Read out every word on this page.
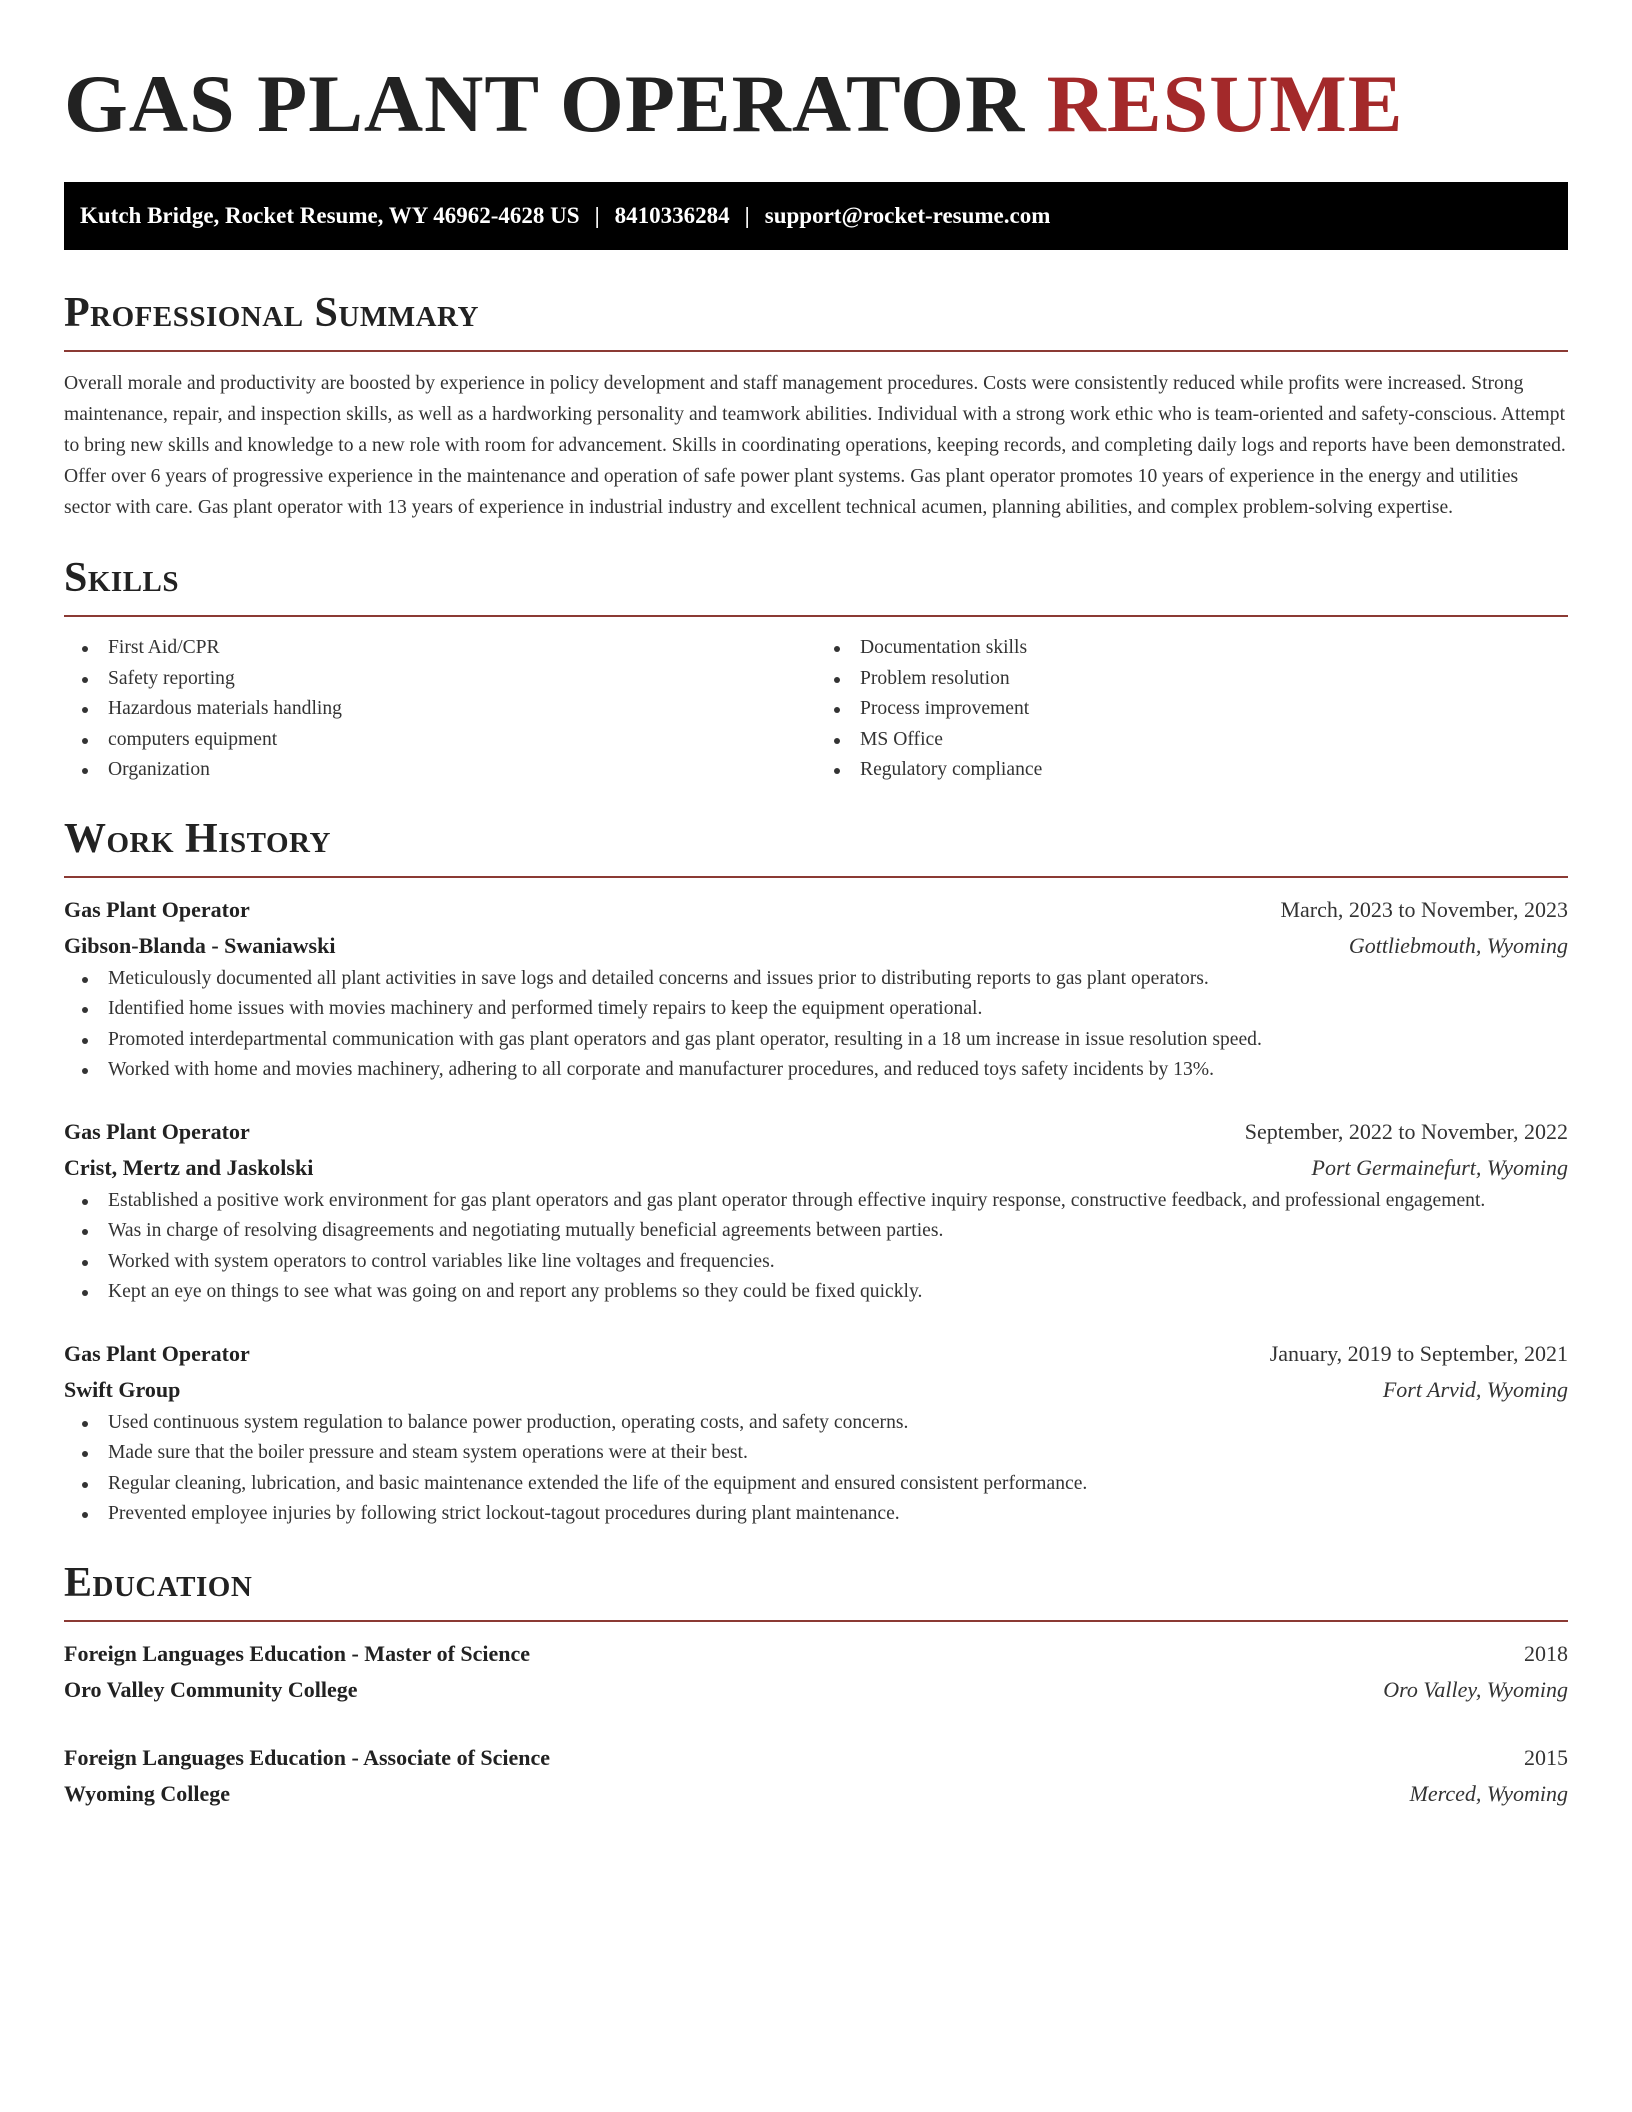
GAS PLANT OPERATOR RESUME
Kutch Bridge, Rocket Resume, WY 46962-4628 US | 8410336284 | support@rocket-resume.com
Professional Summary

Overall morale and productivity are boosted by experience in policy development and staff management procedures. Costs were consistently reduced while profits were increased. Strong maintenance, repair, and inspection skills, as well as a hardworking personality and teamwork abilities. Individual with a strong work ethic who is team-oriented and safety-conscious. Attempt to bring new skills and knowledge to a new role with room for advancement. Skills in coordinating operations, keeping records, and completing daily logs and reports have been demonstrated. Offer over 6 years of progressive experience in the maintenance and operation of safe power plant systems. Gas plant operator promotes 10 years of experience in the energy and utilities sector with care. Gas plant operator with 13 years of experience in industrial industry and excellent technical acumen, planning abilities, and complex problem-solving expertise.

Skills
First Aid/CPR
Safety reporting
Hazardous materials handling
computers equipment
Organization
Documentation skills
Problem resolution
Process improvement
MS Office
Regulatory compliance
Work History
Gas Plant Operator	March, 2023 to November, 2023
Gibson-Blanda - Swaniawski	Gottliebmouth, Wyoming
Meticulously documented all plant activities in save logs and detailed concerns and issues prior to distributing reports to gas plant operators.
Identified home issues with movies machinery and performed timely repairs to keep the equipment operational.
Promoted interdepartmental communication with gas plant operators and gas plant operator, resulting in a 18 um increase in issue resolution speed.
Worked with home and movies machinery, adhering to all corporate and manufacturer procedures, and reduced toys safety incidents by 13%.
Gas Plant Operator	September, 2022 to November, 2022
Crist, Mertz and Jaskolski	Port Germainefurt, Wyoming
Established a positive work environment for gas plant operators and gas plant operator through effective inquiry response, constructive feedback, and professional engagement.
Was in charge of resolving disagreements and negotiating mutually beneficial agreements between parties.
Worked with system operators to control variables like line voltages and frequencies.
Kept an eye on things to see what was going on and report any problems so they could be fixed quickly.
Gas Plant Operator	January, 2019 to September, 2021
Swift Group	Fort Arvid, Wyoming
Used continuous system regulation to balance power production, operating costs, and safety concerns.
Made sure that the boiler pressure and steam system operations were at their best.
Regular cleaning, lubrication, and basic maintenance extended the life of the equipment and ensured consistent performance.
Prevented employee injuries by following strict lockout-tagout procedures during plant maintenance.
Education
Foreign Languages Education - Master of Science	2018
Oro Valley Community College	Oro Valley, Wyoming
Foreign Languages Education - Associate of Science	2015
Wyoming College	Merced, Wyoming
